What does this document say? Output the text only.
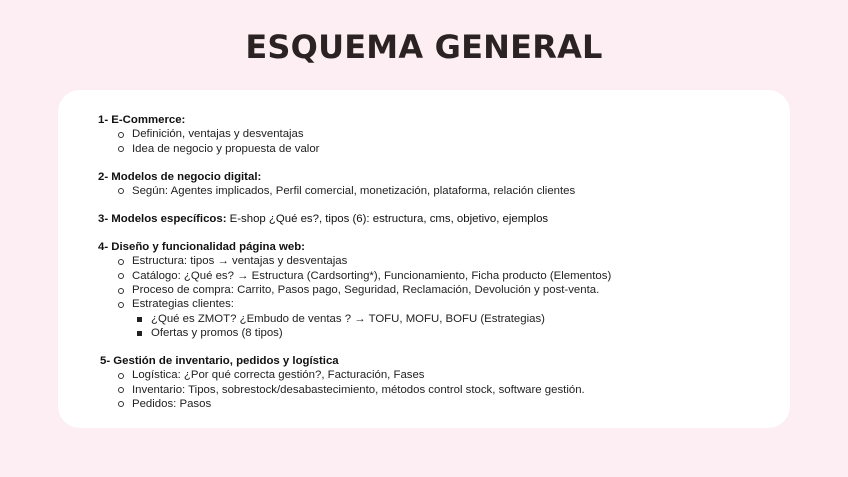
ESQUEMA GENERAL
1- E-Commerce:
Definición, ventajas y desventajas
Idea de negocio y propuesta de valor
2- Modelos de negocio digital:
Según: Agentes implicados, Perfil comercial, monetización, plataforma, relación clientes
3- Modelos específicos: E-shop ¿Qué es?, tipos (6): estructura, cms, objetivo, ejemplos
4- Diseño y funcionalidad página web:
Estructura: tipos → ventajas y desventajas
Catálogo: ¿Qué es? → Estructura (Cardsorting*), Funcionamiento, Ficha producto (Elementos)
Proceso de compra: Carrito, Pasos pago, Seguridad, Reclamación, Devolución y post-venta.
Estrategias clientes:
¿Qué es ZMOT? ¿Embudo de ventas ? → TOFU, MOFU, BOFU (Estrategias)
Ofertas y promos (8 tipos)
5- Gestión de inventario, pedidos y logística
Logística: ¿Por qué correcta gestión?, Facturación, Fases
Inventario: Tipos, sobrestock/desabastecimiento, métodos control stock, software gestión.
Pedidos: Pasos
